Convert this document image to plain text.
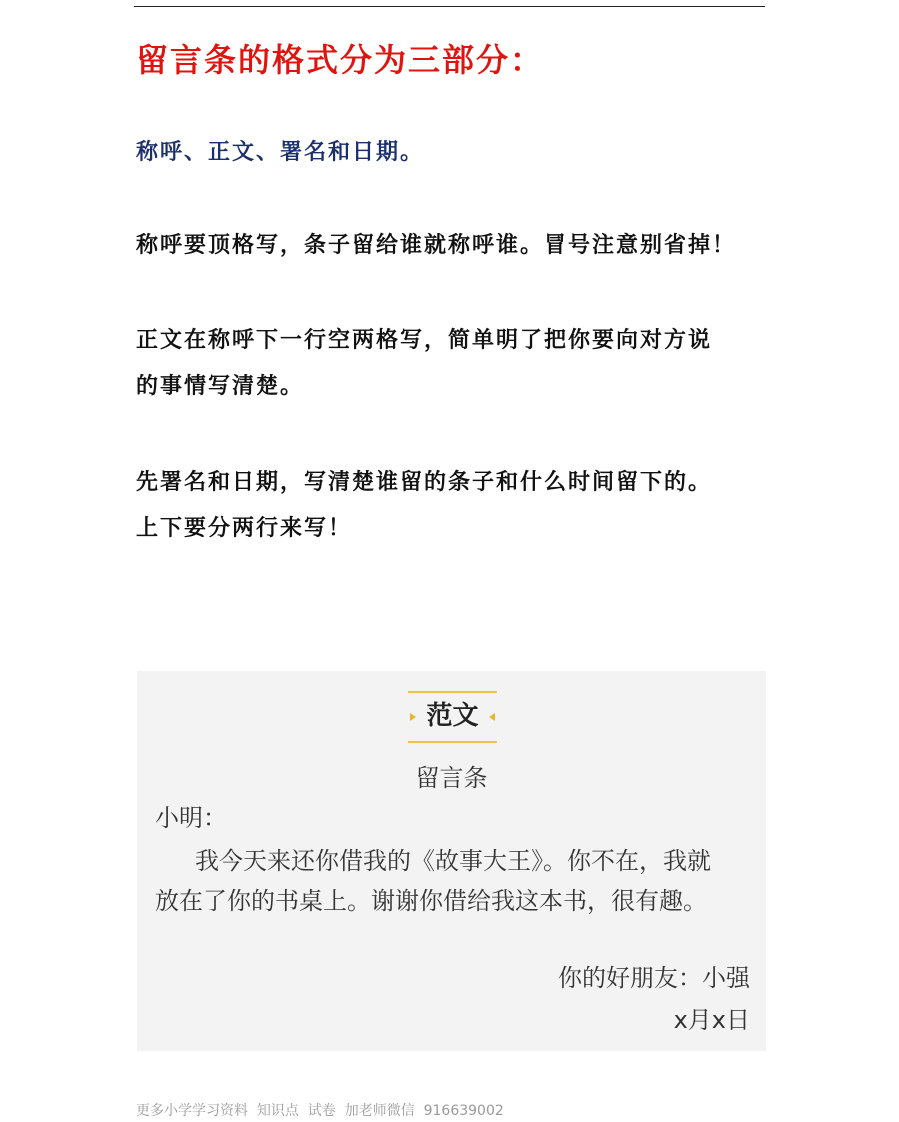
留言条的格式分为三部分：

称呼、正文、署名和日期。

称呼要顶格写，条子留给谁就称呼谁。冒号注意别省掉！

正文在称呼下一行空两格写，简单明了把你要向对方说
的事情写清楚。

先署名和日期，写清楚谁留的条子和什么时间留下的。
上下要分两行来写！

范文
留言条
小明：
我今天来还你借我的《故事大王》。你不在，我就
放在了你的书桌上。谢谢你借给我这本书，很有趣。
你的好朋友：小强
x月x日
更多小学学习资料  知识点  试卷  加老师微信  916639002
